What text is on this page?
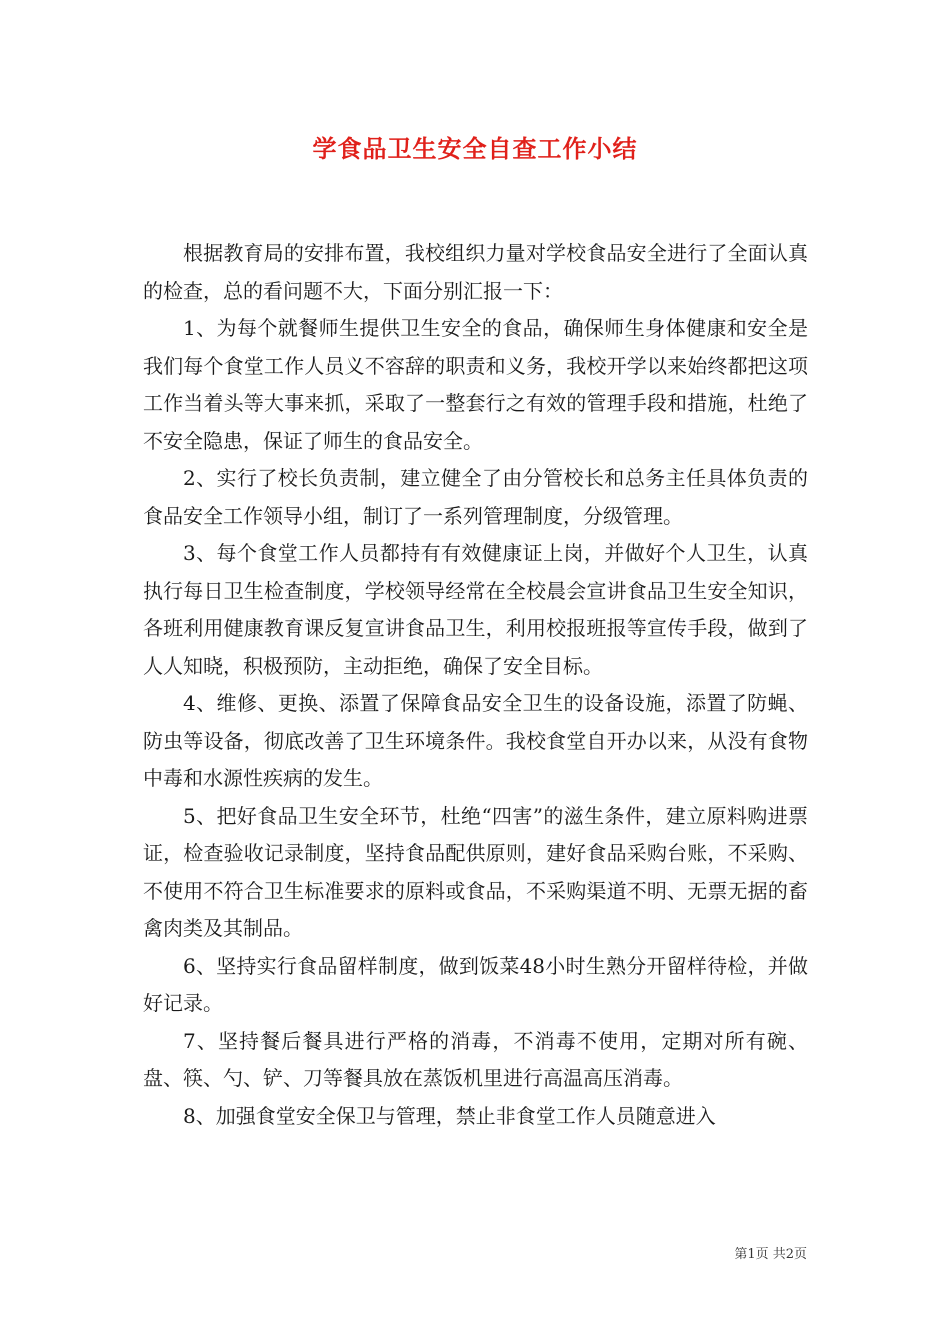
学食品卫生安全自查工作小结

根据教育局的安排布置，我校组织力量对学校食品安全进行了全面认真的检查，总的看问题不大，下面分别汇报一下：

1、为每个就餐师生提供卫生安全的食品，确保师生身体健康和安全是我们每个食堂工作人员义不容辞的职责和义务，我校开学以来始终都把这项工作当着头等大事来抓，采取了一整套行之有效的管理手段和措施，杜绝了不安全隐患，保证了师生的食品安全。

2、实行了校长负责制，建立健全了由分管校长和总务主任具体负责的食品安全工作领导小组，制订了一系列管理制度，分级管理。

3、每个食堂工作人员都持有有效健康证上岗，并做好个人卫生，认真执行每日卫生检查制度，学校领导经常在全校晨会宣讲食品卫生安全知识，各班利用健康教育课反复宣讲食品卫生，利用校报班报等宣传手段，做到了人人知晓，积极预防，主动拒绝，确保了安全目标。

4、维修、更换、添置了保障食品安全卫生的设备设施，添置了防蝇、防虫等设备，彻底改善了卫生环境条件。我校食堂自开办以来，从没有食物中毒和水源性疾病的发生。

5、把好食品卫生安全环节，杜绝“四害”的滋生条件，建立原料购进票证，检查验收记录制度，坚持食品配供原则，建好食品采购台账，不采购、不使用不符合卫生标准要求的原料或食品，不采购渠道不明、无票无据的畜禽肉类及其制品。

6、坚持实行食品留样制度，做到饭菜48小时生熟分开留样待检，并做好记录。

7、坚持餐后餐具进行严格的消毒，不消毒不使用，定期对所有碗、盘、筷、勺、铲、刀等餐具放在蒸饭机里进行高温高压消毒。

8、加强食堂安全保卫与管理，禁止非食堂工作人员随意进入

第1页 共2页
